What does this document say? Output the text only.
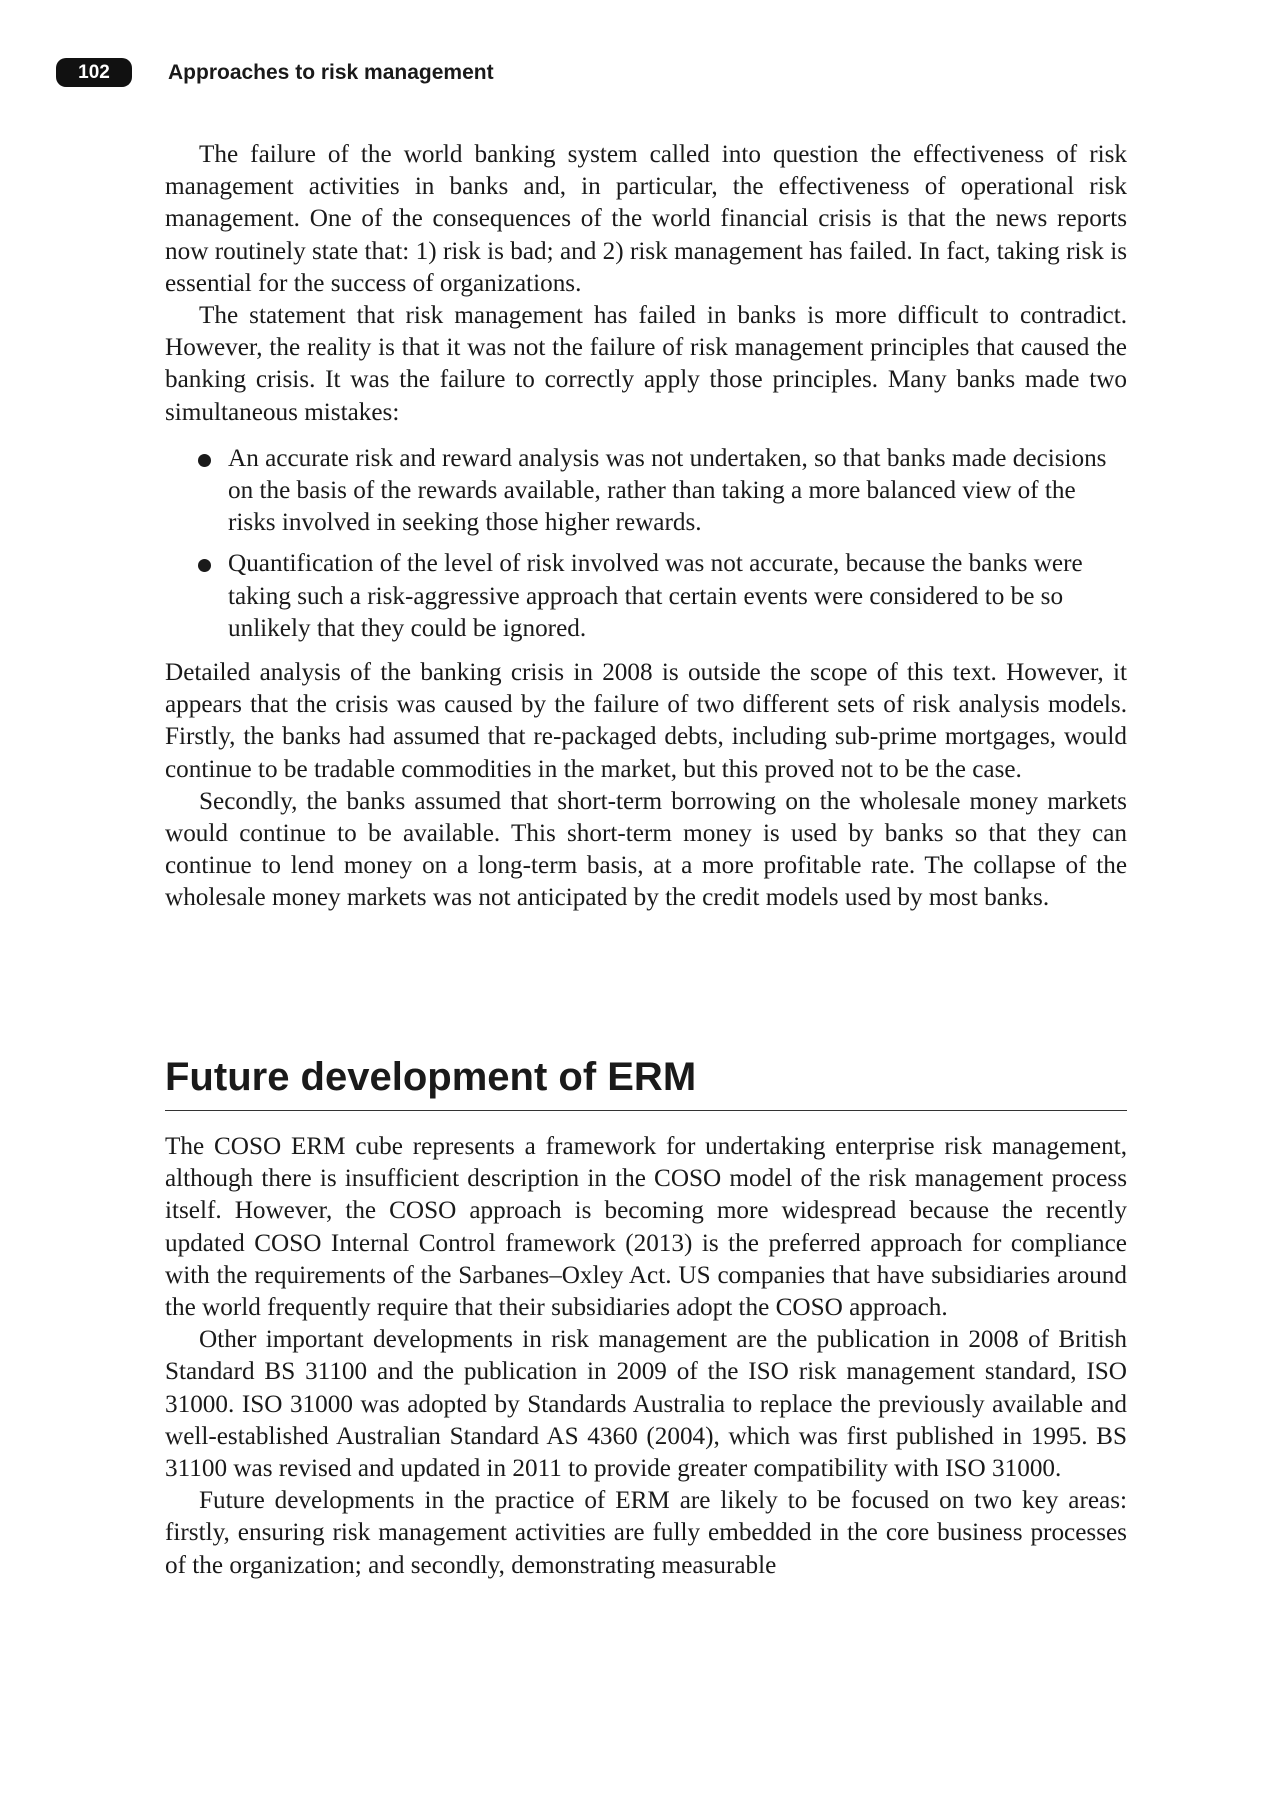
102	Approaches to risk management

The failure of the world banking system called into question the effectiveness of risk management activities in banks and, in particular, the effectiveness of operational risk management. One of the consequences of the world financial crisis is that the news reports now routinely state that: 1) risk is bad; and 2) risk management has failed. In fact, taking risk is essential for the success of organizations.

The statement that risk management has failed in banks is more difficult to contradict. However, the reality is that it was not the failure of risk management principles that caused the banking crisis. It was the failure to correctly apply those principles. Many banks made two simultaneous mistakes:

An accurate risk and reward analysis was not undertaken, so that banks made decisions on the basis of the rewards available, rather than taking a more balanced view of the risks involved in seeking those higher rewards.
Quantification of the level of risk involved was not accurate, because the banks were taking such a risk-aggressive approach that certain events were considered to be so unlikely that they could be ignored.

Detailed analysis of the banking crisis in 2008 is outside the scope of this text. However, it appears that the crisis was caused by the failure of two different sets of risk analysis models. Firstly, the banks had assumed that re-packaged debts, including sub-prime mortgages, would continue to be tradable commodities in the market, but this proved not to be the case.

Secondly, the banks assumed that short-term borrowing on the wholesale money markets would continue to be available. This short-term money is used by banks so that they can continue to lend money on a long-term basis, at a more profitable rate. The collapse of the wholesale money markets was not anticipated by the credit models used by most banks.

Future development of ERM

The COSO ERM cube represents a framework for undertaking enterprise risk management, although there is insufficient description in the COSO model of the risk management process itself. However, the COSO approach is becoming more widespread because the recently updated COSO Internal Control framework (2013) is the preferred approach for compliance with the requirements of the Sarbanes–Oxley Act. US companies that have subsidiaries around the world frequently require that their subsidiaries adopt the COSO approach.

Other important developments in risk management are the publication in 2008 of British Standard BS 31100 and the publication in 2009 of the ISO risk management standard, ISO 31000. ISO 31000 was adopted by Standards Australia to replace the previously available and well-established Australian Standard AS 4360 (2004), which was first published in 1995. BS 31100 was revised and updated in 2011 to provide greater compatibility with ISO 31000.

Future developments in the practice of ERM are likely to be focused on two key areas: firstly, ensuring risk management activities are fully embedded in the core business processes of the organization; and secondly, demonstrating measurable
